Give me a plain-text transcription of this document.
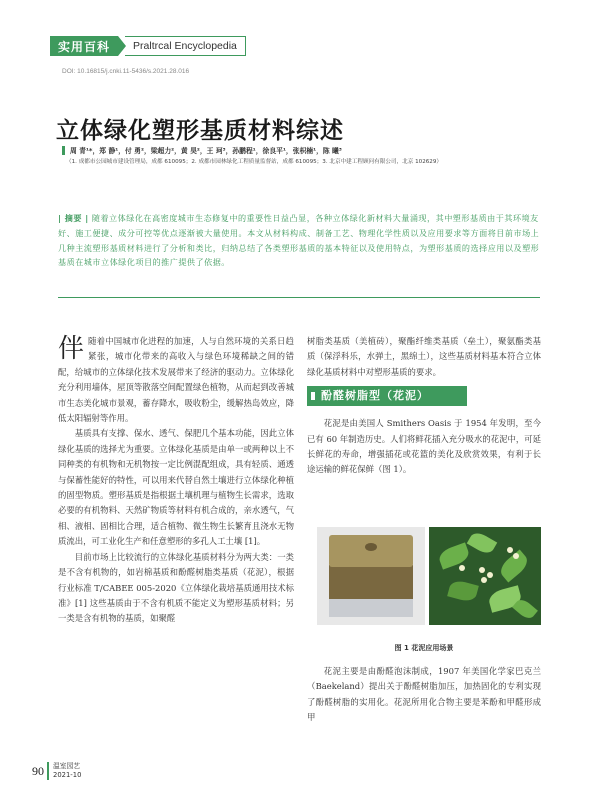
实用百科	Praltrcal Encyclopedia
DOI: 10.16815/j.cnki.11-5436/s.2021.28.016
立体绿化塑形基质材料综述
周 青¹*，郑 静¹，付 勇²，梁超力²，黄 昊²，王 珂³，孙鹏程¹，徐良平¹，张枳楠¹，陈 曦³
（1. 成都市公园城市建设管理局，成都 610095；2. 成都市园林绿化工程质量监督站，成都 610095；3. 北京中建工程顾问有限公司，北京 102629）
| 摘要 | 随着立体绿化在高密度城市生态修复中的重要性日益凸显，各种立体绿化新材料大量涌现，其中塑形基质由于其环境友好、施工便捷、成分可控等优点逐渐被大量使用。本文从材料构成、制备工艺、物理化学性质以及应用要求等方面将目前市场上几种主流塑形基质材料进行了分析和类比，归纳总结了各类塑形基质的基本特征以及使用特点，为塑形基质的选择应用以及塑形基质在城市立体绿化项目的推广提供了依据。

伴随着中国城市化进程的加速，人与自然环境的关系日趋紧张，城市化带来的高收入与绿色环境稀缺之间的错配，给城市的立体绿化技术发展带来了经济的驱动力。立体绿化充分利用墙体，屋顶等散落空间配置绿色植物，从而起到改善城市生态美化城市景观，蓄存降水，吸收粉尘，缓解热岛效应，降低太阳辐射等作用。

基质具有支撑、保水、透气、保肥几个基本功能，因此立体绿化基质的选择尤为重要。立体绿化基质是由单一或两种以上不同种类的有机物和无机物按一定比例混配组成，具有轻质、通透与保蓄性能好的特性，可以用来代替自然土壤进行立体绿化种植的固型物质。塑形基质是指根据土壤机理与植物生长需求，选取必要的有机物料、天然矿物质等材料有机合成的，亲水透气，气相、液相、固相比合理，适合植物、微生物生长繁育且浇水无物质流出，可工业化生产和任意塑形的多孔人工土壤 [1]。

目前市场上比较流行的立体绿化基质材料分为两大类：一类是不含有机物的，如岩棉基质和酚醛树脂类基质（花泥），根据行业标准 T/CABEE 005-2020《立体绿化栽培基质通用技术标准》[1] 这些基质由于不含有机质不能定义为塑形基质材料；另一类是含有机物的基质，如聚醛

树脂类基质（美植砖），聚酯纤维类基质（垒土），聚氨酯类基质（保浮科乐，水弹土，黑绵土），这些基质材料基本符合立体绿化基质材料中对塑形基质的要求。

酚醛树脂型（花泥）

花泥是由美国人 Smithers Oasis 于 1954 年发明，至今已有 60 年制造历史。人们将鲜花插入充分吸水的花泥中，可延长鲜花的寿命，增强插花或花篮的美化及欣赏效果，有利于长途运输的鲜花保鲜（图 1）。

图 1 花泥应用场景

花泥主要是由酚醛泡沫制成，1907 年美国化学家巴克兰（Baekeland）提出关于酚醛树脂加压，加热固化的专利实现了酚醛树脂的实用化。花泥所用化合物主要是苯酚和甲醛形成甲

90 温室园艺
2021-10
